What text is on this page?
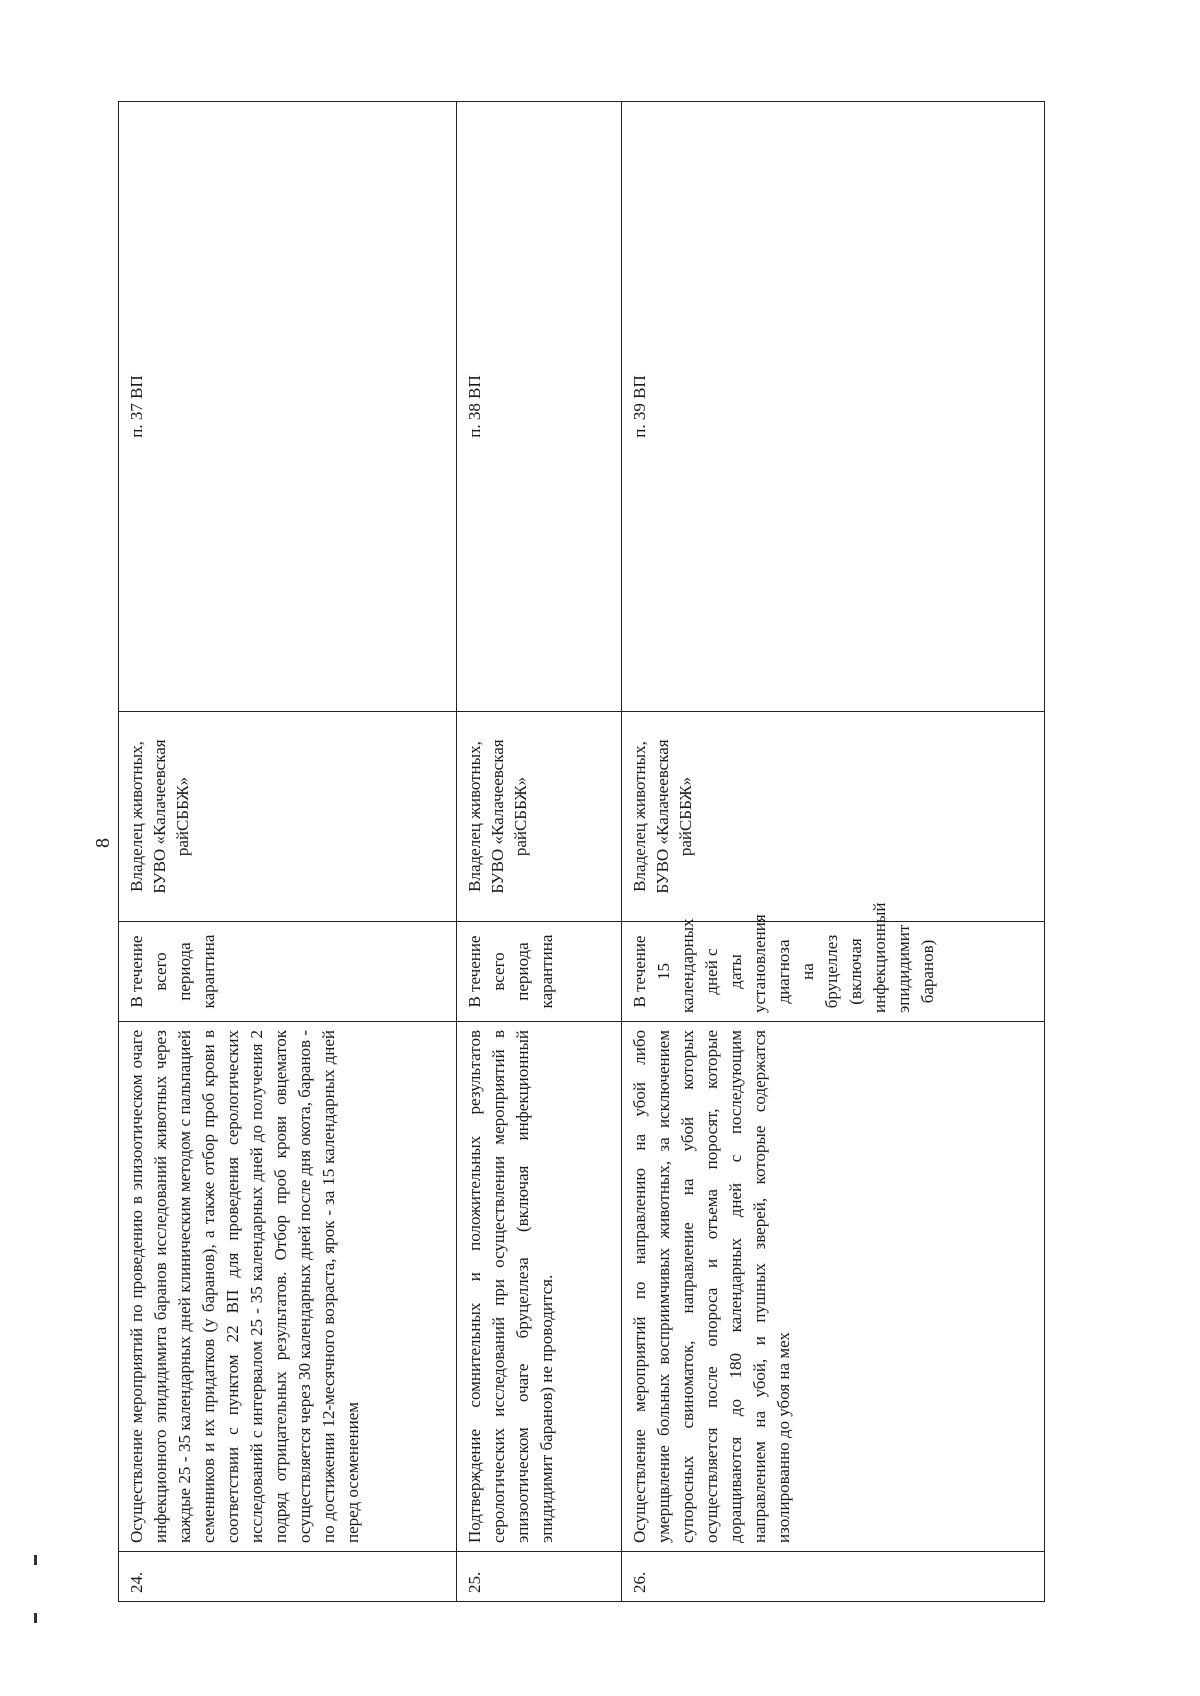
8
24.	Осуществление мероприятий по проведению в эпизоотическом очаге инфекционного эпидидимита баранов исследований животных через каждые 25 - 35 календарных дней клиническим методом с пальпацией семенников и их придатков (у баранов), а также отбор проб крови в соответствии с пунктом 22 ВП для проведения серологических исследований с интервалом 25 - 35 календарных дней до получения 2 подряд отрицательных результатов. Отбор проб крови овцематок осуществляется через 30 календарных дней после дня окота, баранов - по достижении 12-месячного возраста, ярок - за 15 календарных дней перед осеменением	В течение всего периода карантина	Владелец животных, БУВО «Калачеевская райСББЖ»	п. 37 ВП
25.	Подтверждение сомнительных и положительных результатов серологических исследований при осуществлении мероприятий в эпизоотическом очаге бруцеллеза (включая инфекционный эпидидимит баранов) не проводится.	В течение всего периода карантина	Владелец животных, БУВО «Калачеевская райСББЖ»	п. 38 ВП
26.	Осуществление мероприятий по направлению на убой либо умерщвление больных восприимчивых животных, за исключением супоросных свиноматок, направление на убой которых осуществляется после опороса и отъема поросят, которые доращиваются до 180 календарных дней с последующим направлением на убой, и пушных зверей, которые содержатся изолированно до убоя на мех	В течение 15 календарных дней с даты установления диагноза на бруцеллез (включая инфекционный эпидидимит баранов)	Владелец животных, БУВО «Калачеевская райСББЖ»	п. 39 ВП
